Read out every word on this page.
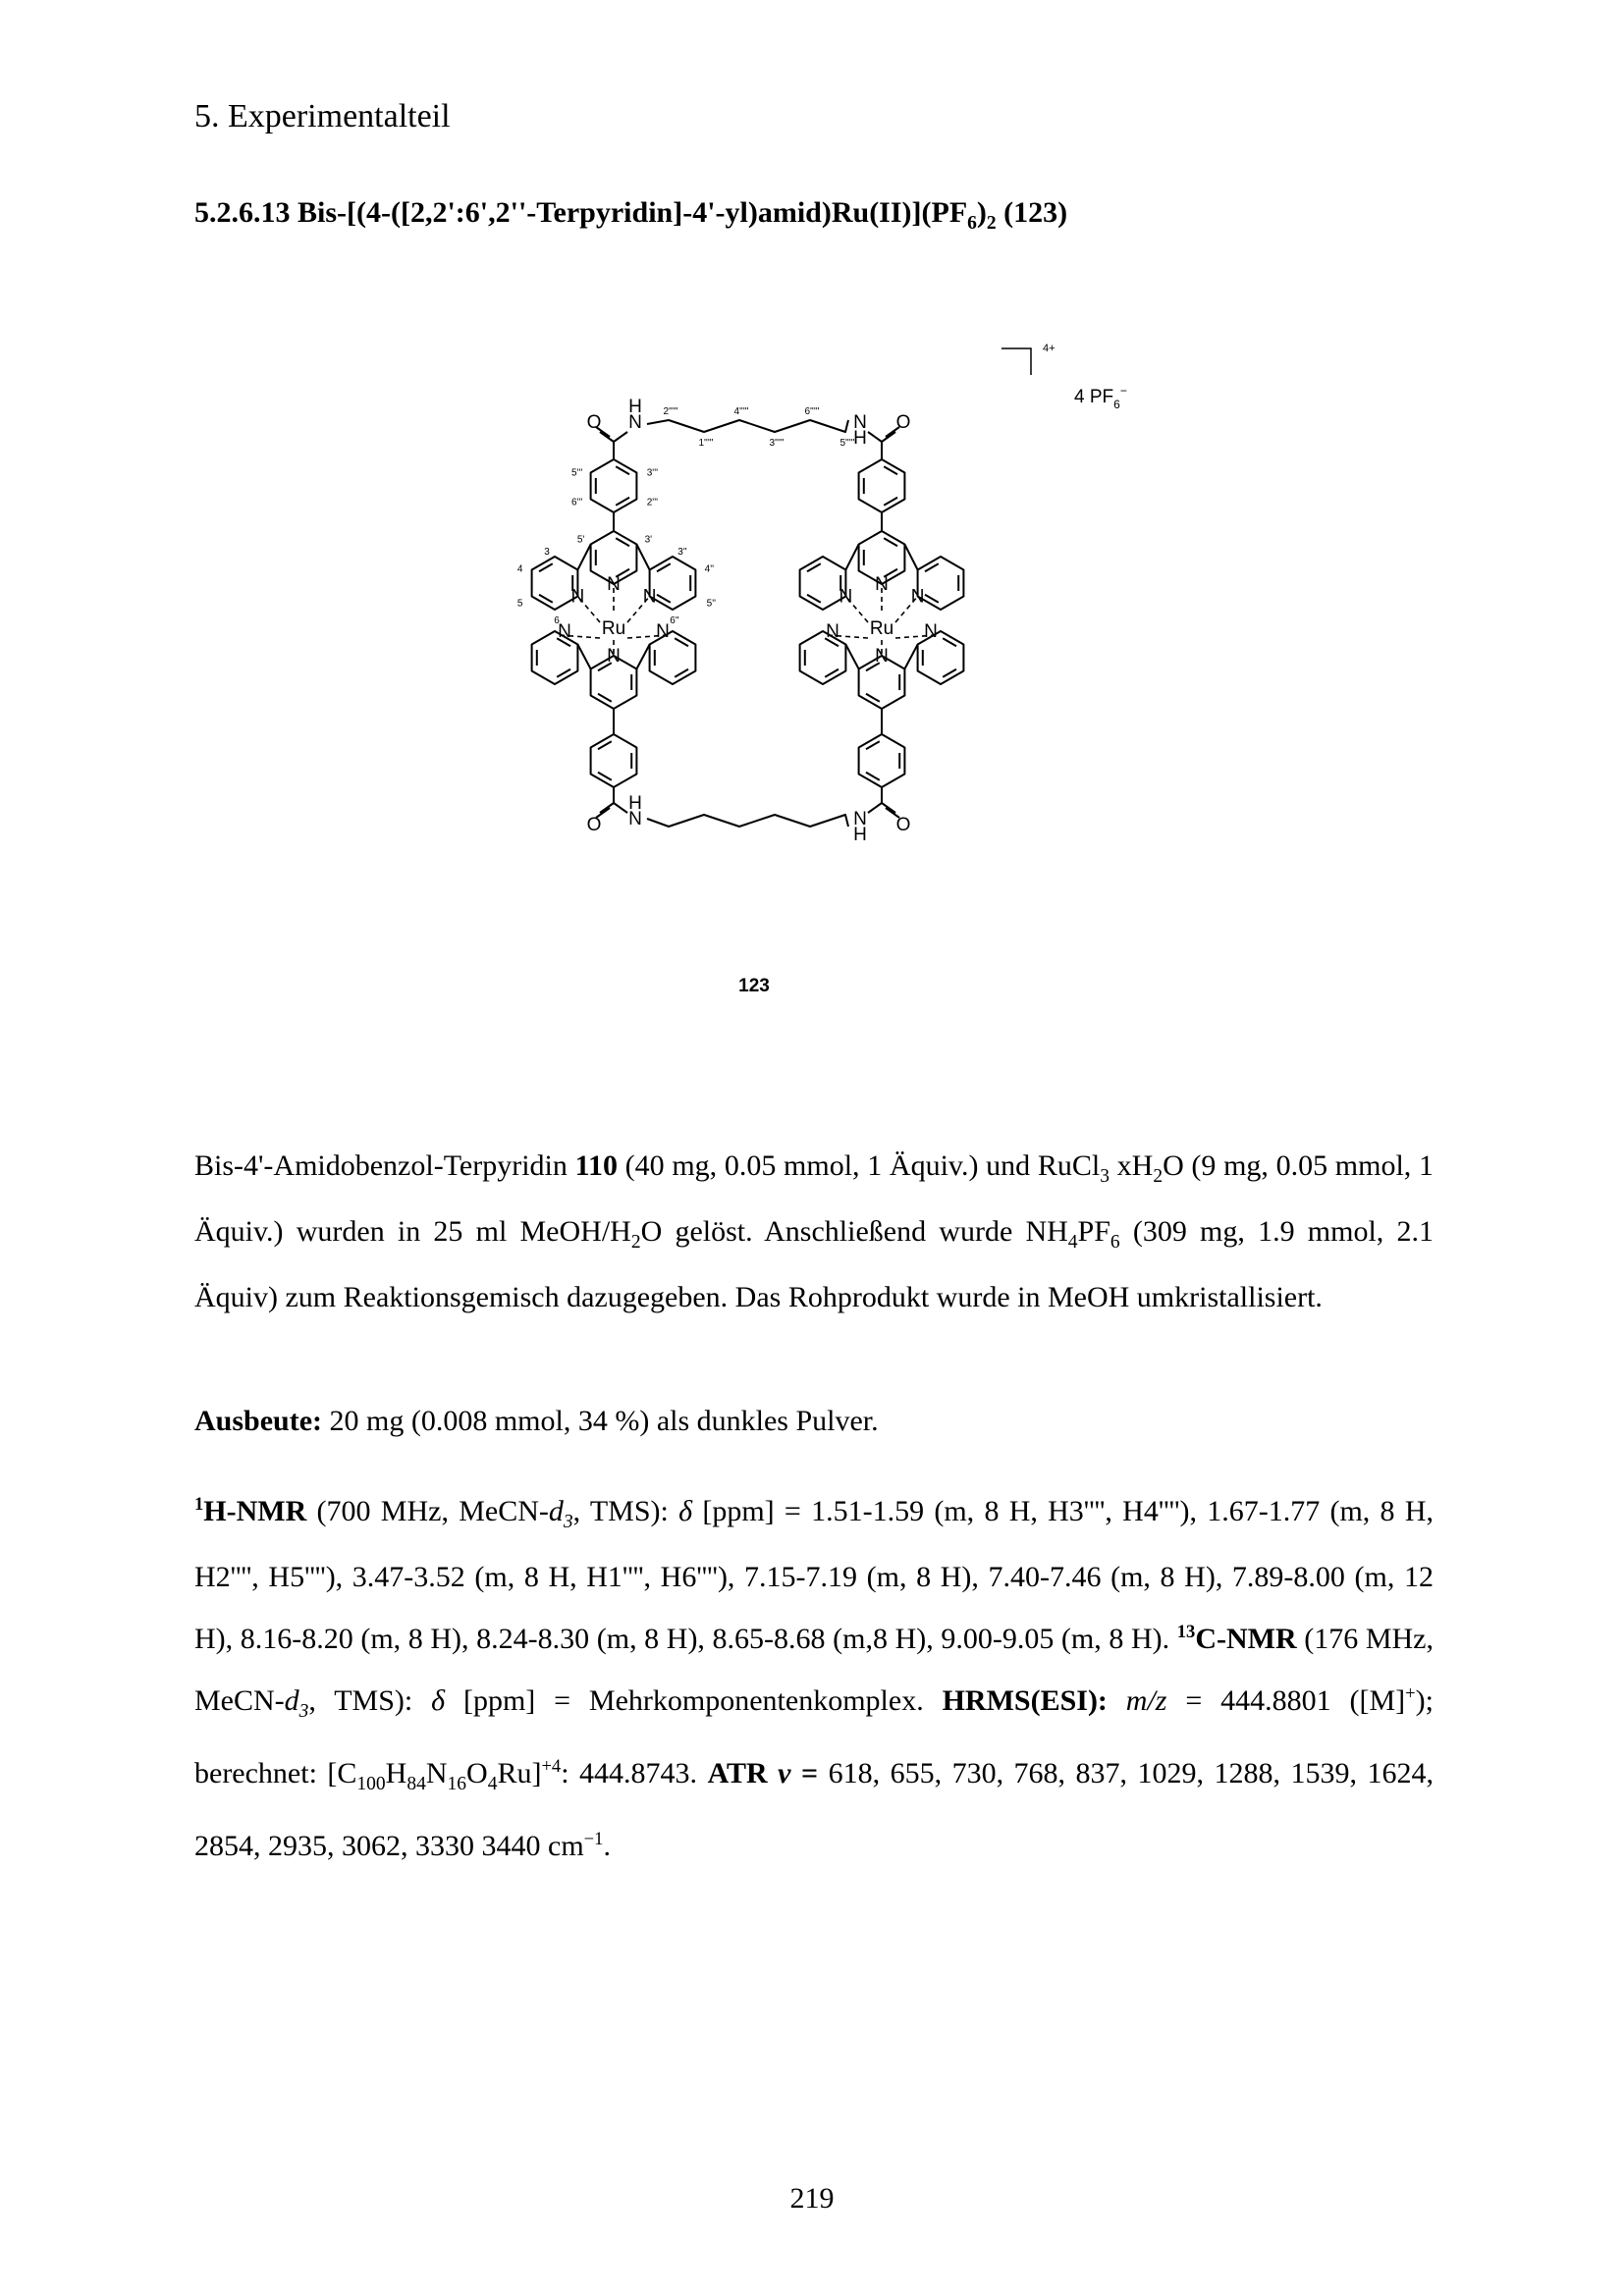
5. Experimentalteil
5.2.6.13 Bis-$[(4-([2,2':6',2''-Terpyridin]-4'-yl)amid)Ru(II)](PF_6)_2$ (123)
Ru
N
N	N
N
N	N	Ru
N
N	N
N
N	N
O N
H
O
N
H
O N
H
O
N
H
5'''	3'''
6'''	2'''
5'	3'
3
4
5
6
3''
4''
5''
6''
2'''''	4'''''	6'''''
1'''''	3'''''	5'''''
4+
4 $PF_6^-$
123
Bis-4'-Amidobenzol-Terpyridin 110 (40 mg, 0.05 mmol, 1 Äquiv.) und RuCl$_3$ $xH_2O$ (9 mg, 0.05 mmol, 1 Äquiv.) wurden in 25 ml MeOH/$H_2O$ gelöst. Anschließend wurde $NH_4PF_6$ (309 mg, 1.9 mmol, 2.1 Äquiv) zum Reaktionsgemisch dazugegeben. Das Rohprodukt wurde in MeOH umkristallisiert.
Ausbeute: 20 mg (0.008 mmol, 34 %) als dunkles Pulver.
$^1$H-NMR (700 MHz, MeCN-$d_3$, TMS): δ [ppm] = 1.51-1.59 (m, 8 H, H3'''', H4''''), 1.67-1.77 (m, 8 H, H2'''', H5''''), 3.47-3.52 (m, 8 H, H1'''', H6''''), 7.15-7.19 (m, 8 H), 7.40-7.46 (m, 8 H), 7.89-8.00 (m, 12 H), 8.16-8.20 (m, 8 H), 8.24-8.30 (m, 8 H), 8.65-8.68 (m,8 H), 9.00-9.05 (m, 8 H). $^{13}$C-NMR (176 MHz, MeCN-$d_3$, TMS): δ [ppm] = Mehrkomponentenkomplex. HRMS(ESI): m/z = 444.8801 ([M]+); berechnet: $[C_{100}H_{84}N_{16}O_4Ru]^{+4}$: 444.8743. ATR ν = 618, 655, 730, 768, 837, 1029, 1288, 1539, 1624, 2854, 2935, 3062, 3330 3440 $cm^{-1}$.
219
